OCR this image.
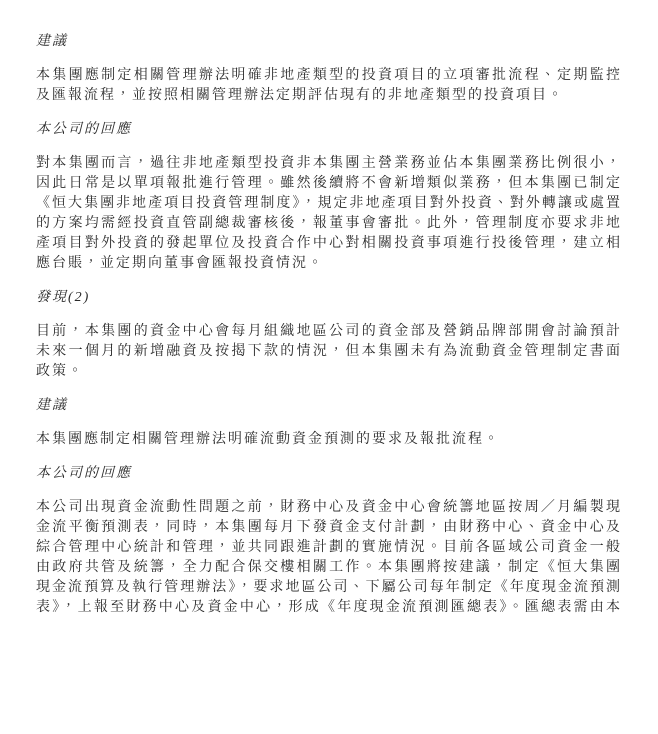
建議

本集團應制定相關管理辦法明確非地產類型的投資項目的立項審批流程、定期監控
及匯報流程，並按照相關管理辦法定期評估現有的非地產類型的投資項目。

本公司的回應

對本集團而言，過往非地產類型投資非本集團主營業務並佔本集團業務比例很小，
因此日常是以單項報批進行管理。雖然後續將不會新增類似業務，但本集團已制定
《恒大集團非地產項目投資管理制度》，規定非地產項目對外投資、對外轉讓或處置
的方案均需經投資直管副總裁審核後，報董事會審批。此外，管理制度亦要求非地
產項目對外投資的發起單位及投資合作中心對相關投資事項進行投後管理，建立相
應台賬，並定期向董事會匯報投資情況。

發現(2)

目前，本集團的資金中心會每月組織地區公司的資金部及營銷品牌部開會討論預計
未來一個月的新增融資及按揭下款的情況，但本集團未有為流動資金管理制定書面
政策。

建議

本集團應制定相關管理辦法明確流動資金預測的要求及報批流程。

本公司的回應

本公司出現資金流動性問題之前，財務中心及資金中心會統籌地區按周／月編製現
金流平衡預測表，同時，本集團每月下發資金支付計劃，由財務中心、資金中心及
綜合管理中心統計和管理，並共同跟進計劃的實施情況。目前各區域公司資金一般
由政府共管及統籌，全力配合保交樓相關工作。本集團將按建議，制定《恒大集團
現金流預算及執行管理辦法》，要求地區公司、下屬公司每年制定《年度現金流預測
表》，上報至財務中心及資金中心，形成《年度現金流預測匯總表》。匯總表需由本
